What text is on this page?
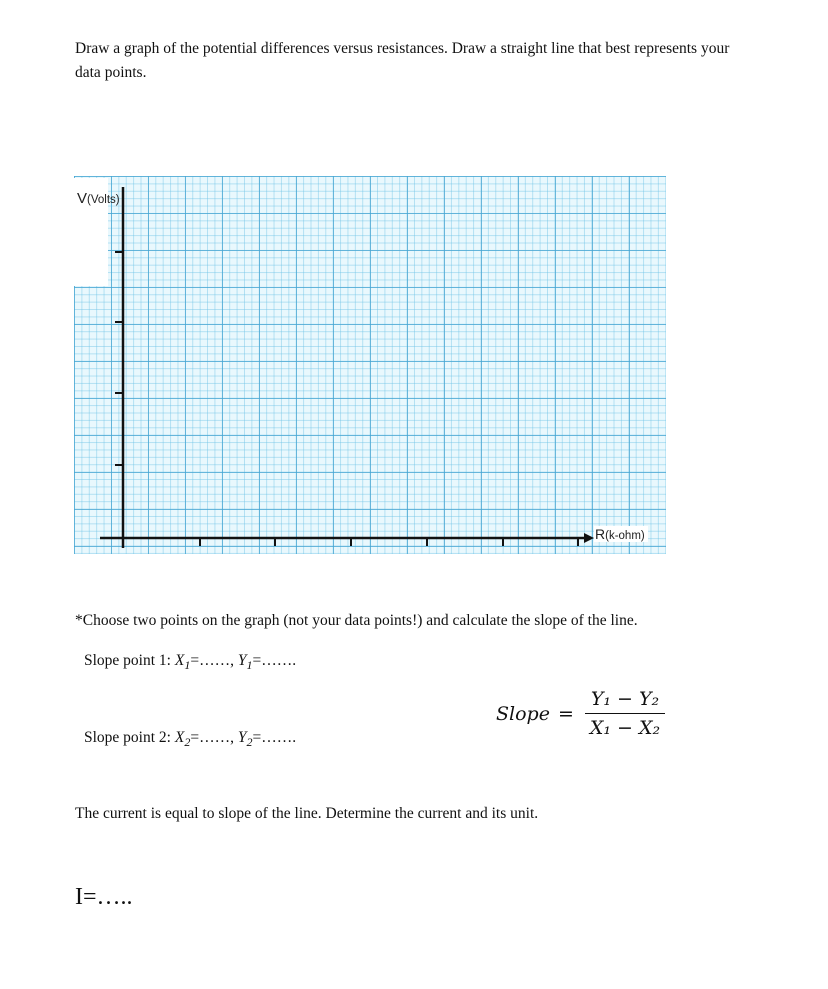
Draw a graph of the potential differences versus resistances. Draw a straight line that best represents your data points.

V(Volts)
R(k-ohm)
*Choose two points on the graph (not your data points!) and calculate the slope of the line.
Slope point 1: $X_1=\dots\dots$, $Y_1=\dots\dots$.
Slope = $\frac{\text{Y₁ − Y₂}}{\text{X₁ − X₂}}$
Slope point 2: $X_2=\dots\dots$, $Y_2=\dots\dots$.
The current is equal to slope of the line. Determine the current and its unit.
I=…..
